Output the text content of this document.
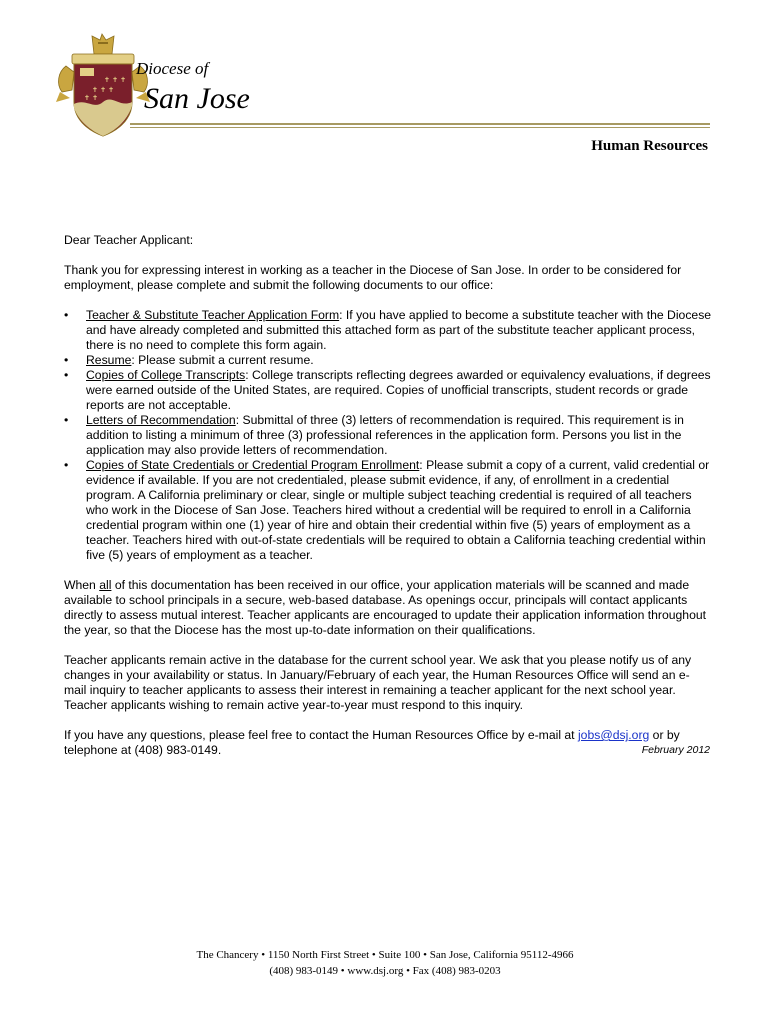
✝ ✝ ✝
✝ ✝ ✝
✝ ✝
Diocese of
San Jose
Human Resources

Dear Teacher Applicant:

Thank you for expressing interest in working as a teacher in the Diocese of San Jose. In order to be considered for employment, please complete and submit the following documents to our office:

• Teacher & Substitute Teacher Application Form: If you have applied to become a substitute teacher with the Diocese and have already completed and submitted this attached form as part of the substitute teacher applicant process, there is no need to complete this form again.
• Resume: Please submit a current resume.
• Copies of College Transcripts: College transcripts reflecting degrees awarded or equivalency evaluations, if degrees were earned outside of the United States, are required. Copies of unofficial transcripts, student records or grade reports are not acceptable.
• Letters of Recommendation: Submittal of three (3) letters of recommendation is required. This requirement is in addition to listing a minimum of three (3) professional references in the application form. Persons you list in the application may also provide letters of recommendation.
• Copies of State Credentials or Credential Program Enrollment: Please submit a copy of a current, valid credential or evidence if available. If you are not credentialed, please submit evidence, if any, of enrollment in a credential program. A California preliminary or clear, single or multiple subject teaching credential is required of all teachers who work in the Diocese of San Jose. Teachers hired without a credential will be required to enroll in a California credential program within one (1) year of hire and obtain their credential within five (5) years of employment as a teacher. Teachers hired with out-of-state credentials will be required to obtain a California teaching credential within five (5) years of employment as a teacher.

When all of this documentation has been received in our office, your application materials will be scanned and made available to school principals in a secure, web-based database. As openings occur, principals will contact applicants directly to assess mutual interest. Teacher applicants are encouraged to update their application information throughout the year, so that the Diocese has the most up-to-date information on their qualifications.

Teacher applicants remain active in the database for the current school year. We ask that you please notify us of any changes in your availability or status. In January/February of each year, the Human Resources Office will send an e-mail inquiry to teacher applicants to assess their interest in remaining a teacher applicant for the next school year. Teacher applicants wishing to remain active year-to-year must respond to this inquiry.

If you have any questions, please feel free to contact the Human Resources Office by e-mail at jobs@dsj.org or by telephone at (408) 983-0149.	February 2012
The Chancery • 1150 North First Street • Suite 100 • San Jose, California 95112-4966
(408) 983-0149 • www.dsj.org • Fax (408) 983-0203
